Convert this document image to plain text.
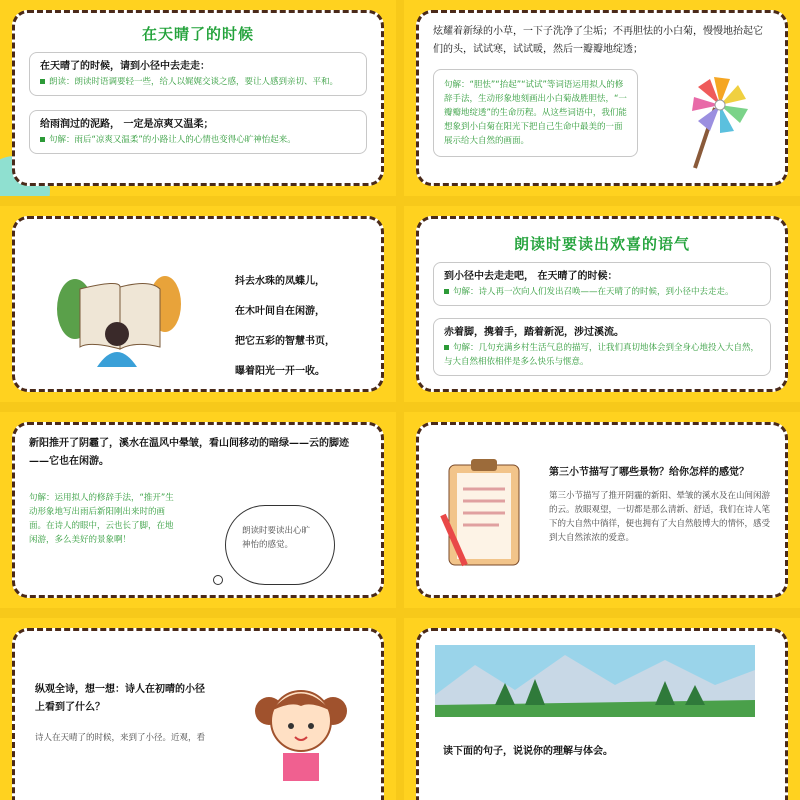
在天晴了的时候
在天晴了的时候，请到小径中去走走：
朗读：朗读时语调要轻一些，给人以娓娓交谈之感，要让人感到亲切、平和。
给雨润过的泥路， 一定是凉爽又温柔；
句解：雨后“凉爽又温柔”的小路让人的心情也变得心旷神怡起来。
炫耀着新绿的小草，一下子洗净了尘垢；不再胆怯的小白菊，慢慢地抬起它们的头，试试寒，试试暖，然后一瓣瓣地绽透；
句解：“胆怯”“抬起”“试试”等词语运用拟人的修辞手法，生动形象地刻画出小白菊战胜胆怯，“一瓣瓣地绽透”的生命历程。从这些词语中，我们能想象到小白菊在阳光下把自己生命中最美的一面展示给大自然的画面。
抖去水珠的凤蝶儿，
在木叶间自在闲游，
把它五彩的智慧书页，
曝着阳光一开一收。
朗读时要读出欢喜的语气
到小径中去走走吧， 在天晴了的时候：
句解：诗人再一次向人们发出召唤——在天晴了的时候，到小径中去走走。
赤着脚，携着手，踏着新泥，涉过溪流。
句解：几句充满乡村生活气息的描写，让我们真切地体会到全身心地投入大自然，与大自然相依相伴是多么快乐与惬意。
新阳推开了阴霾了，溪水在温风中晕皱，看山间移动的暗绿——云的脚迹——它也在闲游。
句解：运用拟人的修辞手法，“推开”生动形象地写出雨后新阳刚出来时的画面。在诗人的眼中，云也长了脚，在地闲游，多么美好的景象啊！
朗读时要读出心旷神怡的感觉。
第三小节描写了哪些景物？给你怎样的感觉？
第三小节描写了推开阴霾的新阳、晕皱的溪水及在山间闲游的云。放眼观望，一切都是那么清新、舒适，我们在诗人笔下的大自然中徜徉，便也拥有了大自然般博大的情怀，感受到大自然浓浓的爱意。
纵观全诗，想一想：诗人在初晴的小径上看到了什么？
诗人在天晴了的时候，来到了小径。近观，看
读下面的句子，说说你的理解与体会。
